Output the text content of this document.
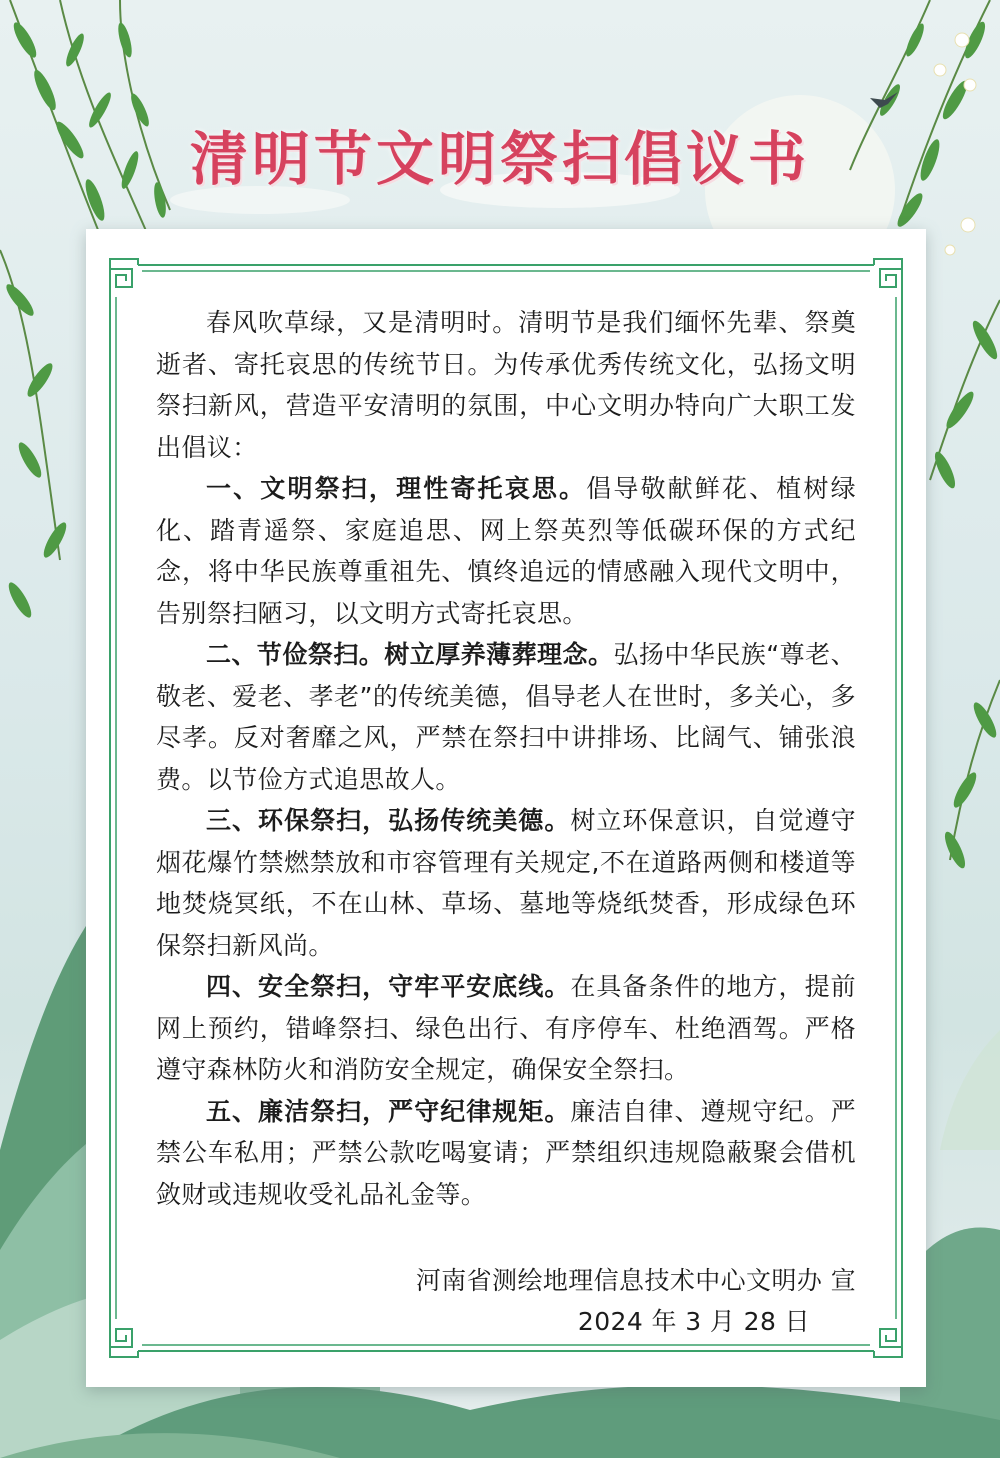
清明节文明祭扫倡议书

春风吹草绿，又是清明时。清明节是我们缅怀先辈、祭奠逝者、寄托哀思的传统节日。为传承优秀传统文化，弘扬文明祭扫新风，营造平安清明的氛围，中心文明办特向广大职工发出倡议：

一、文明祭扫，理性寄托哀思。倡导敬献鲜花、植树绿化、踏青遥祭、家庭追思、网上祭英烈等低碳环保的方式纪念，将中华民族尊重祖先、慎终追远的情感融入现代文明中，告别祭扫陋习，以文明方式寄托哀思。

二、节俭祭扫。树立厚养薄葬理念。弘扬中华民族“尊老、敬老、爱老、孝老”的传统美德，倡导老人在世时，多关心，多尽孝。反对奢靡之风，严禁在祭扫中讲排场、比阔气、铺张浪费。以节俭方式追思故人。

三、环保祭扫，弘扬传统美德。树立环保意识，自觉遵守烟花爆竹禁燃禁放和市容管理有关规定,不在道路两侧和楼道等地焚烧冥纸，不在山林、草场、墓地等烧纸焚香，形成绿色环保祭扫新风尚。

四、安全祭扫，守牢平安底线。在具备条件的地方，提前网上预约，错峰祭扫、绿色出行、有序停车、杜绝酒驾。严格遵守森林防火和消防安全规定，确保安全祭扫。

五、廉洁祭扫，严守纪律规矩。廉洁自律、遵规守纪。严禁公车私用；严禁公款吃喝宴请；严禁组织违规隐蔽聚会借机敛财或违规收受礼品礼金等。

河南省测绘地理信息技术中心文明办 宣
2024 年 3 月 28 日
